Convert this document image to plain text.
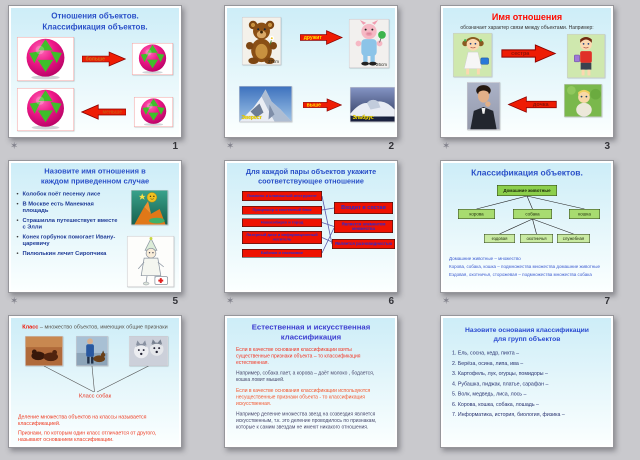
Отношения объектов.
Классификация объектов.
больше
меньше
✶	1
27cm
дружит
26cm
Эверест
выше
Эльбрус
✶	2
Имя отношения
обозначает характер связи между объектами. Например:
сестра
дочка
✶	3
Назовите имя отношения в
каждом приведенном случае
• Колобок поёт песенку лисе
• В Москве есть Манежная площадь
• Страшилла путешествует вместе с Элли
• Конек горбунок помогает Ивану-царевичу
• Пилюлькин лечит Сиропчика
✶	5
Для каждой пары объектов укажите
соответствующее отношение
Пианино и клавишный инструмент
Процессор и системный блок
Новосибирск и город
Лазерный диск и информационный носитель
Бабочка и насекомое
Входит в состав
Является элементом множества
Является разновидностью
✶	6
Классификация объектов.
Домашние животные
корова	собака	кошка
ездовая	охотничья	служебная
Домашние животные – множество
Корова, собака, кошка – подмножества множества домашние животные
Ездовая, охотничья, сторожевая – подмножества множества собака
✶	7
Класс – множество объектов, имеющих общие признаки
Класс собак
Деление множества объектов на классы называется классификацией.
Признаки, по которым один класс отличается от другого, называют основанием классификации.
Естественная и искусственная
классификация
Если в качестве основания классификации взяты существенные признаки объекта – то классификация естественная.
Например, собака лает, а корова – даёт молоко , бодается, кошка ловит мышей.
Если в качестве основания классификации используются несущественные признаки объекта - то классификация искусственная.
Например деление множества звезд на созвездия является искусственным, т.к. это деление проводилось по признакам, которые к самим звездам не имеют никакого отношения.
Назовите основания классификации
для групп объектов
1. Ель, сосна, кедр, пихта –
2. Берёза, осина, липа, ива –
3. Картофель, лук, огурцы, помидоры –
4. Рубашка, пиджак, платье, сарафан –
5. Волк, медведь, лиса, лось –
6. Корова, кошка, собака, лошадь –
7. Информатика, история, биология, физика –
